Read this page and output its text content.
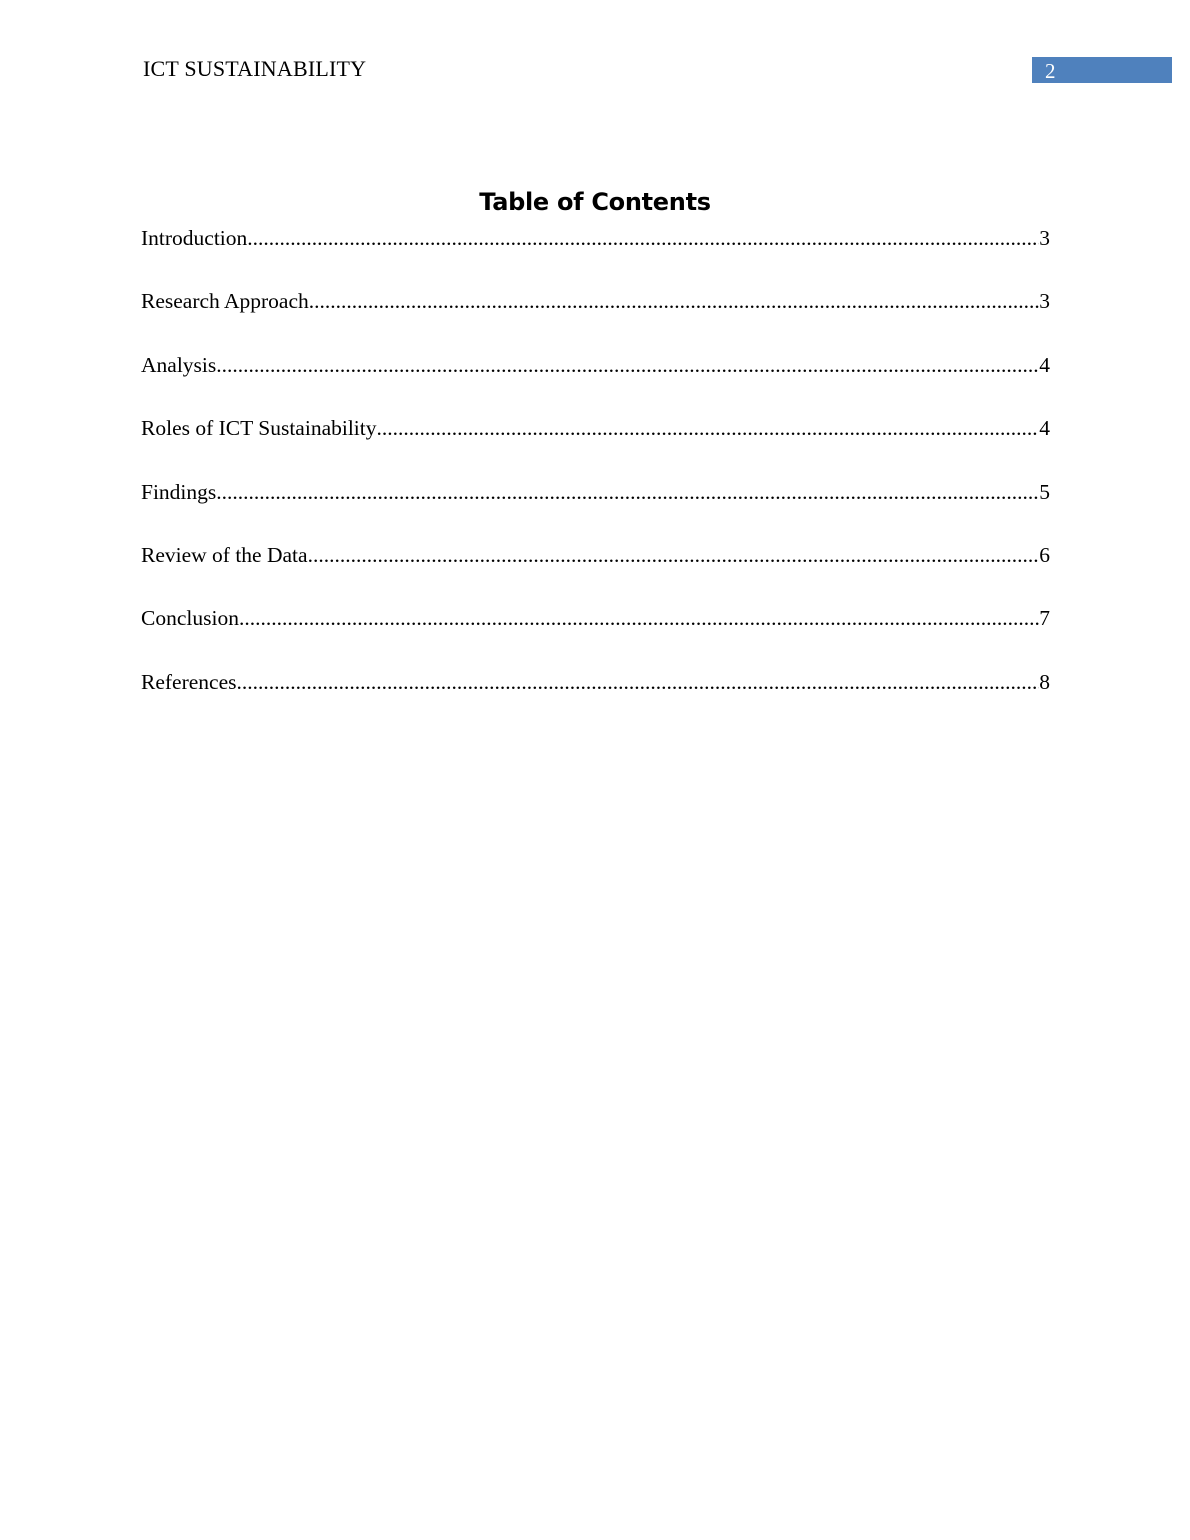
ICT SUSTAINABILITY	2
Table of Contents
Introduction .....	3
Research Approach .....	3
Analysis .....	4
Roles of ICT Sustainability .....	4
Findings .....	5
Review of the Data .....	6
Conclusion .....	7
References .....	8
